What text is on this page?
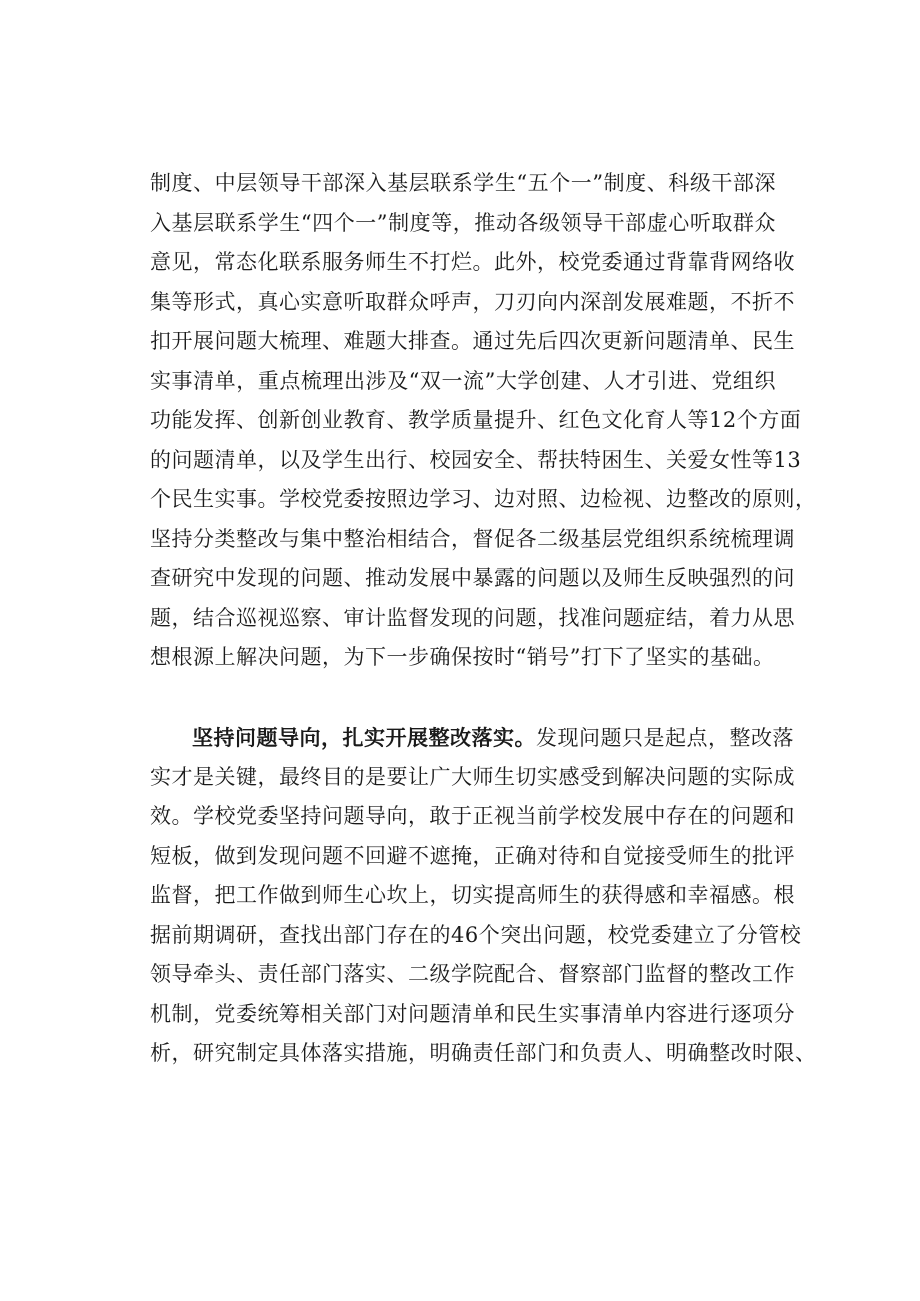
制度、中层领导干部深入基层联系学生“五个一”制度、科级干部深
入基层联系学生“四个一”制度等，推动各级领导干部虚心听取群众
意见，常态化联系服务师生不打烂。此外，校党委通过背靠背网络收
集等形式，真心实意听取群众呼声，刀刃向内深剖发展难题，不折不
扣开展问题大梳理、难题大排查。通过先后四次更新问题清单、民生
实事清单，重点梳理出涉及“双一流”大学创建、人才引进、党组织
功能发挥、创新创业教育、教学质量提升、红色文化育人等12个方面
的问题清单，以及学生出行、校园安全、帮扶特困生、关爱女性等13
个民生实事。学校党委按照边学习、边对照、边检视、边整改的原则，
坚持分类整改与集中整治相结合，督促各二级基层党组织系统梳理调
查研究中发现的问题、推动发展中暴露的问题以及师生反映强烈的问
题，结合巡视巡察、审计监督发现的问题，找准问题症结，着力从思
想根源上解决问题，为下一步确保按时“销号”打下了坚实的基础。
坚持问题导向，扎实开展整改落实。发现问题只是起点，整改落
实才是关键，最终目的是要让广大师生切实感受到解决问题的实际成
效。学校党委坚持问题导向，敢于正视当前学校发展中存在的问题和
短板，做到发现问题不回避不遮掩，正确对待和自觉接受师生的批评
监督，把工作做到师生心坎上，切实提高师生的获得感和幸福感。根
据前期调研，查找出部门存在的46个突出问题，校党委建立了分管校
领导牵头、责任部门落实、二级学院配合、督察部门监督的整改工作
机制，党委统筹相关部门对问题清单和民生实事清单内容进行逐项分
析，研究制定具体落实措施，明确责任部门和负责人、明确整改时限、
